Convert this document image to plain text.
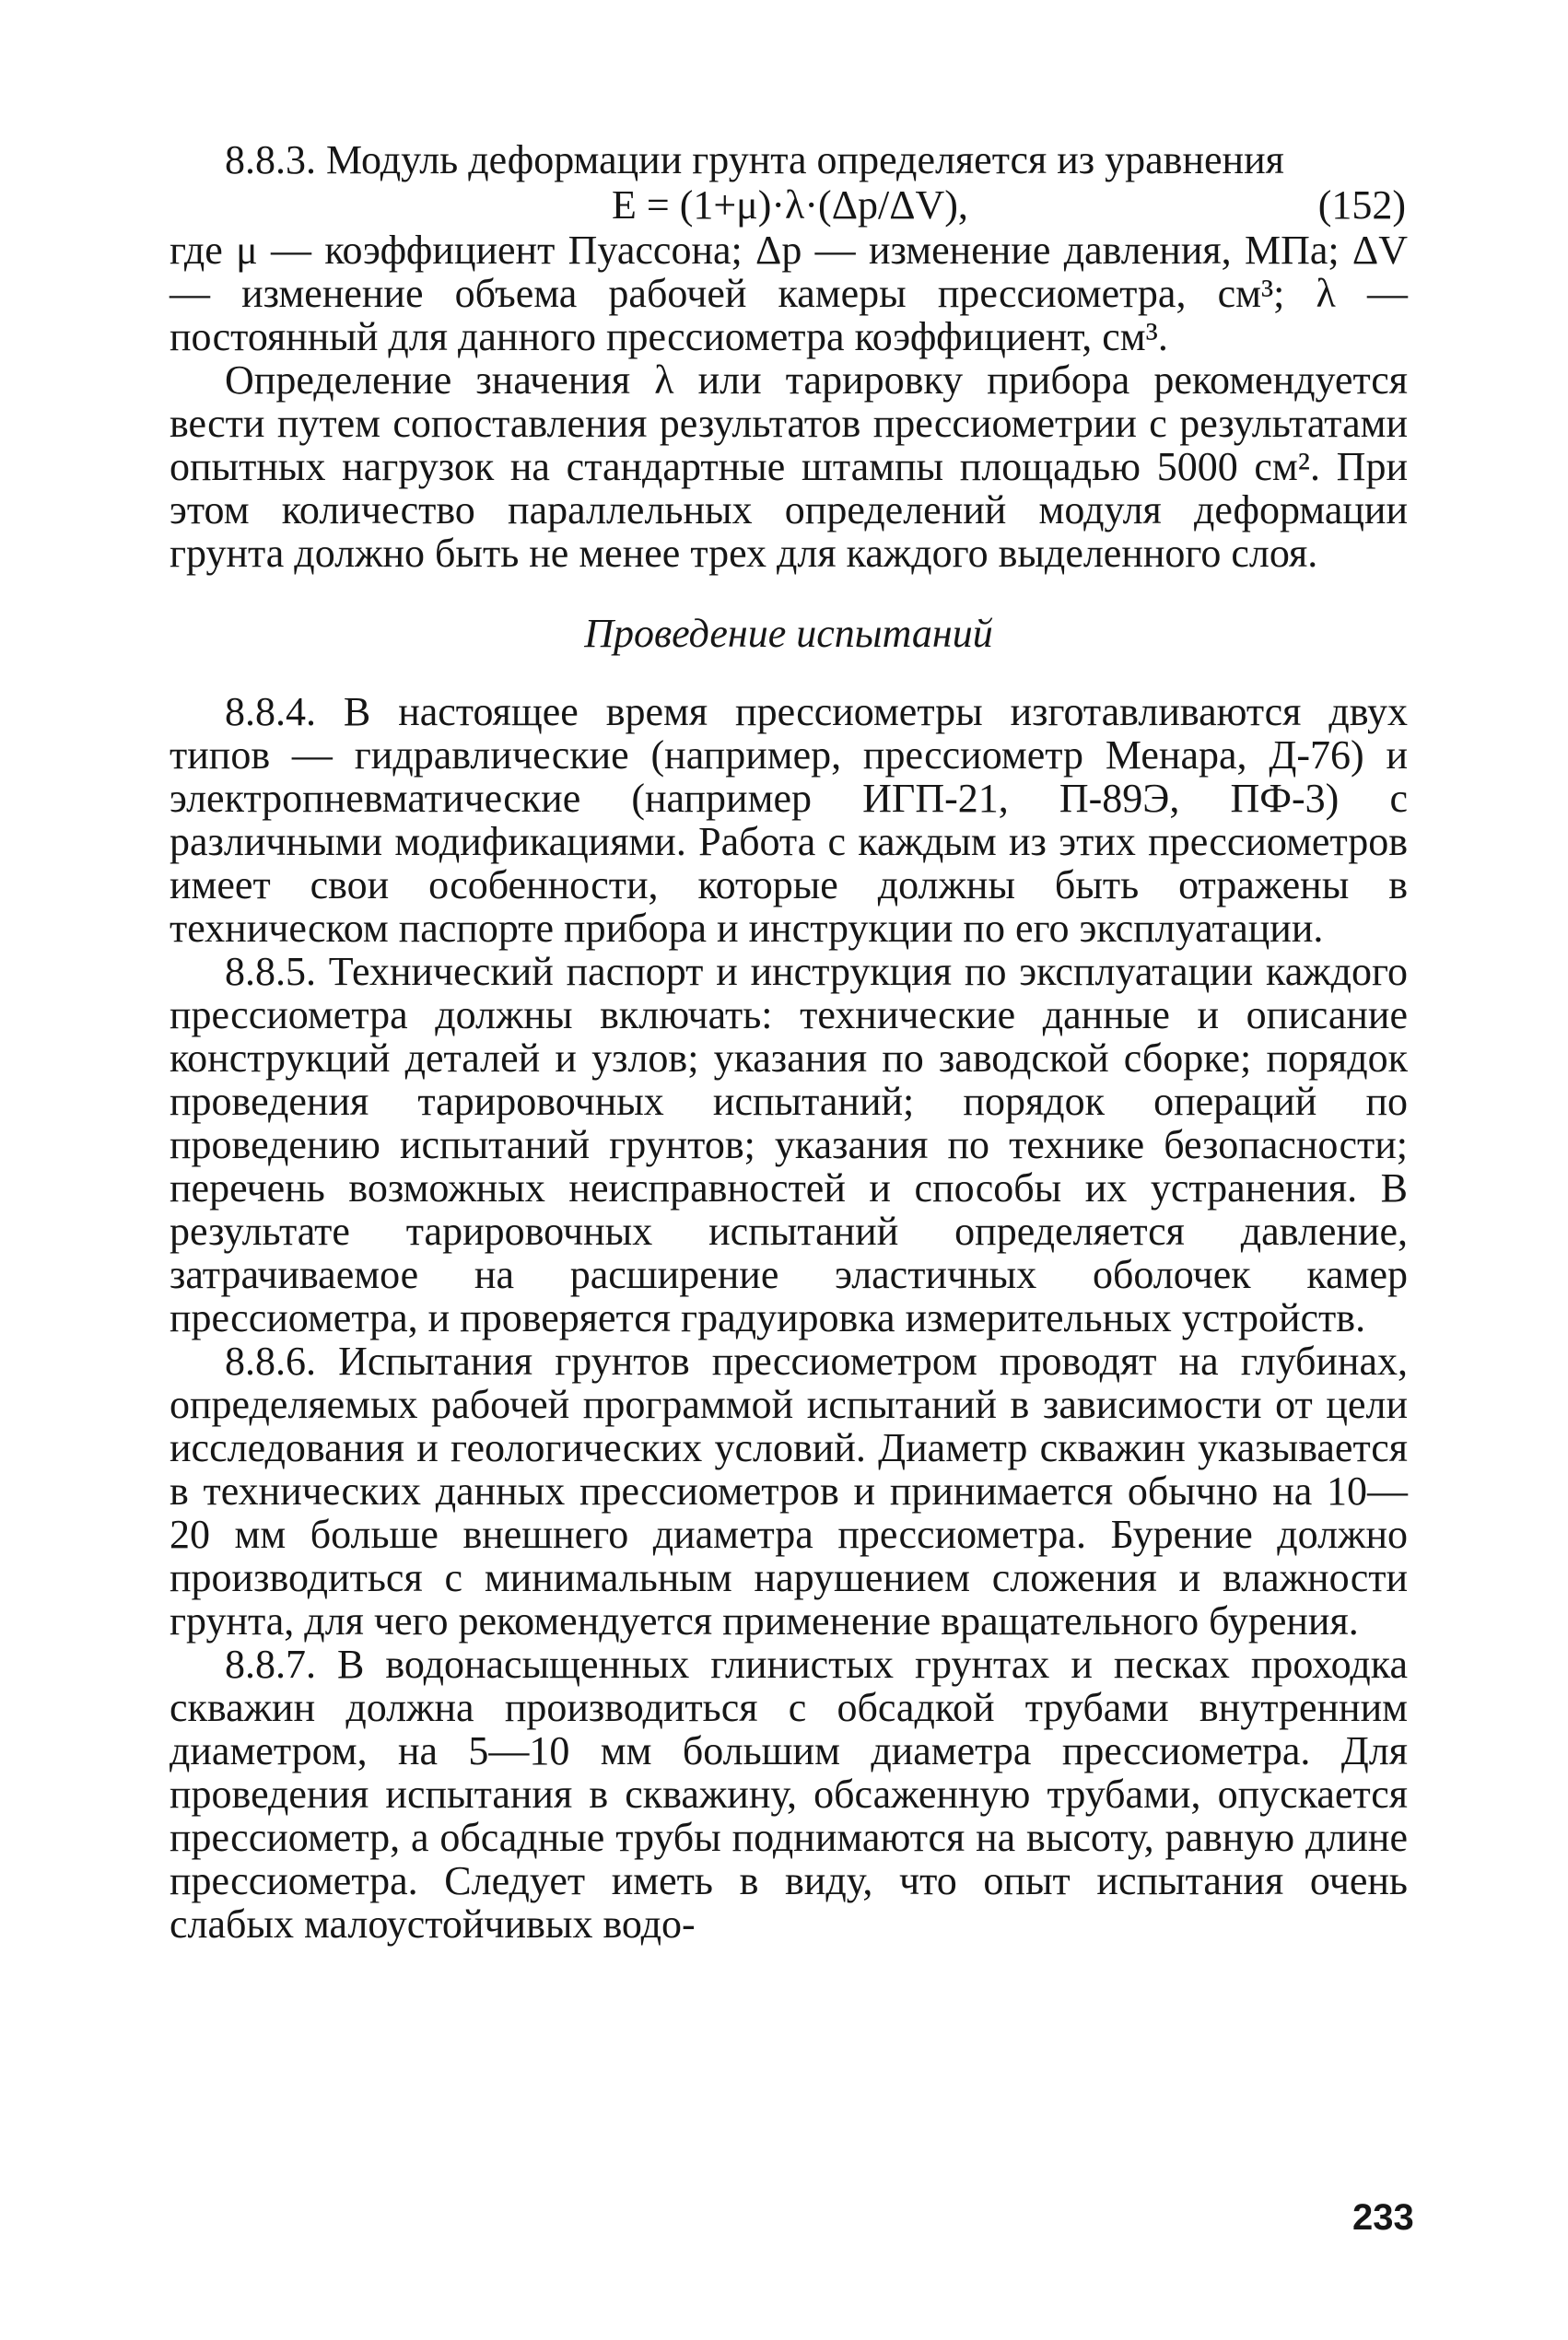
8.8.3. Модуль деформации грунта определяется из уравнения

E = (1+μ)·λ·(Δp/ΔV),	(152)

где μ — коэффициент Пуассона; Δp — изменение давления, МПа; ΔV — изменение объема рабочей камеры прессиометра, см³; λ — постоянный для данного прессиометра коэффициент, см³.

Определение значения λ или тарировку прибора рекомендуется вести путем сопоставления результатов прессиометрии с результатами опытных нагрузок на стандартные штампы площадью 5000 см². При этом количество параллельных определений модуля деформации грунта должно быть не менее трех для каждого выделенного слоя.

Проведение испытаний

8.8.4. В настоящее время прессиометры изготавливаются двух типов — гидравлические (например, прессиометр Менара, Д-76) и электропневматические (например ИГП-21, П-89Э, ПФ-3) с различными модификациями. Работа с каждым из этих прессиометров имеет свои особенности, которые должны быть отражены в техническом паспорте прибора и инструкции по его эксплуатации.

8.8.5. Технический паспорт и инструкция по эксплуатации каждого прессиометра должны включать: технические данные и описание конструкций деталей и узлов; указания по заводской сборке; порядок проведения тарировочных испытаний; порядок операций по проведению испытаний грунтов; указания по технике безопасности; перечень возможных неисправностей и способы их устранения. В результате тарировочных испытаний определяется давление, затрачиваемое на расширение эластичных оболочек камер прессиометра, и проверяется градуировка измерительных устройств.

8.8.6. Испытания грунтов прессиометром проводят на глубинах, определяемых рабочей программой испытаний в зависимости от цели исследования и геологических условий. Диаметр скважин указывается в технических данных прессиометров и принимается обычно на 10—20 мм больше внешнего диаметра прессиометра. Бурение должно производиться с минимальным нарушением сложения и влажности грунта, для чего рекомендуется применение вращательного бурения.

8.8.7. В водонасыщенных глинистых грунтах и песках проходка скважин должна производиться с обсадкой трубами внутренним диаметром, на 5—10 мм большим диаметра прессиометра. Для проведения испытания в скважину, обсаженную трубами, опускается прессиометр, а обсадные трубы поднимаются на высоту, равную длине прессиометра. Следует иметь в виду, что опыт испытания очень слабых малоустойчивых водо-

233
